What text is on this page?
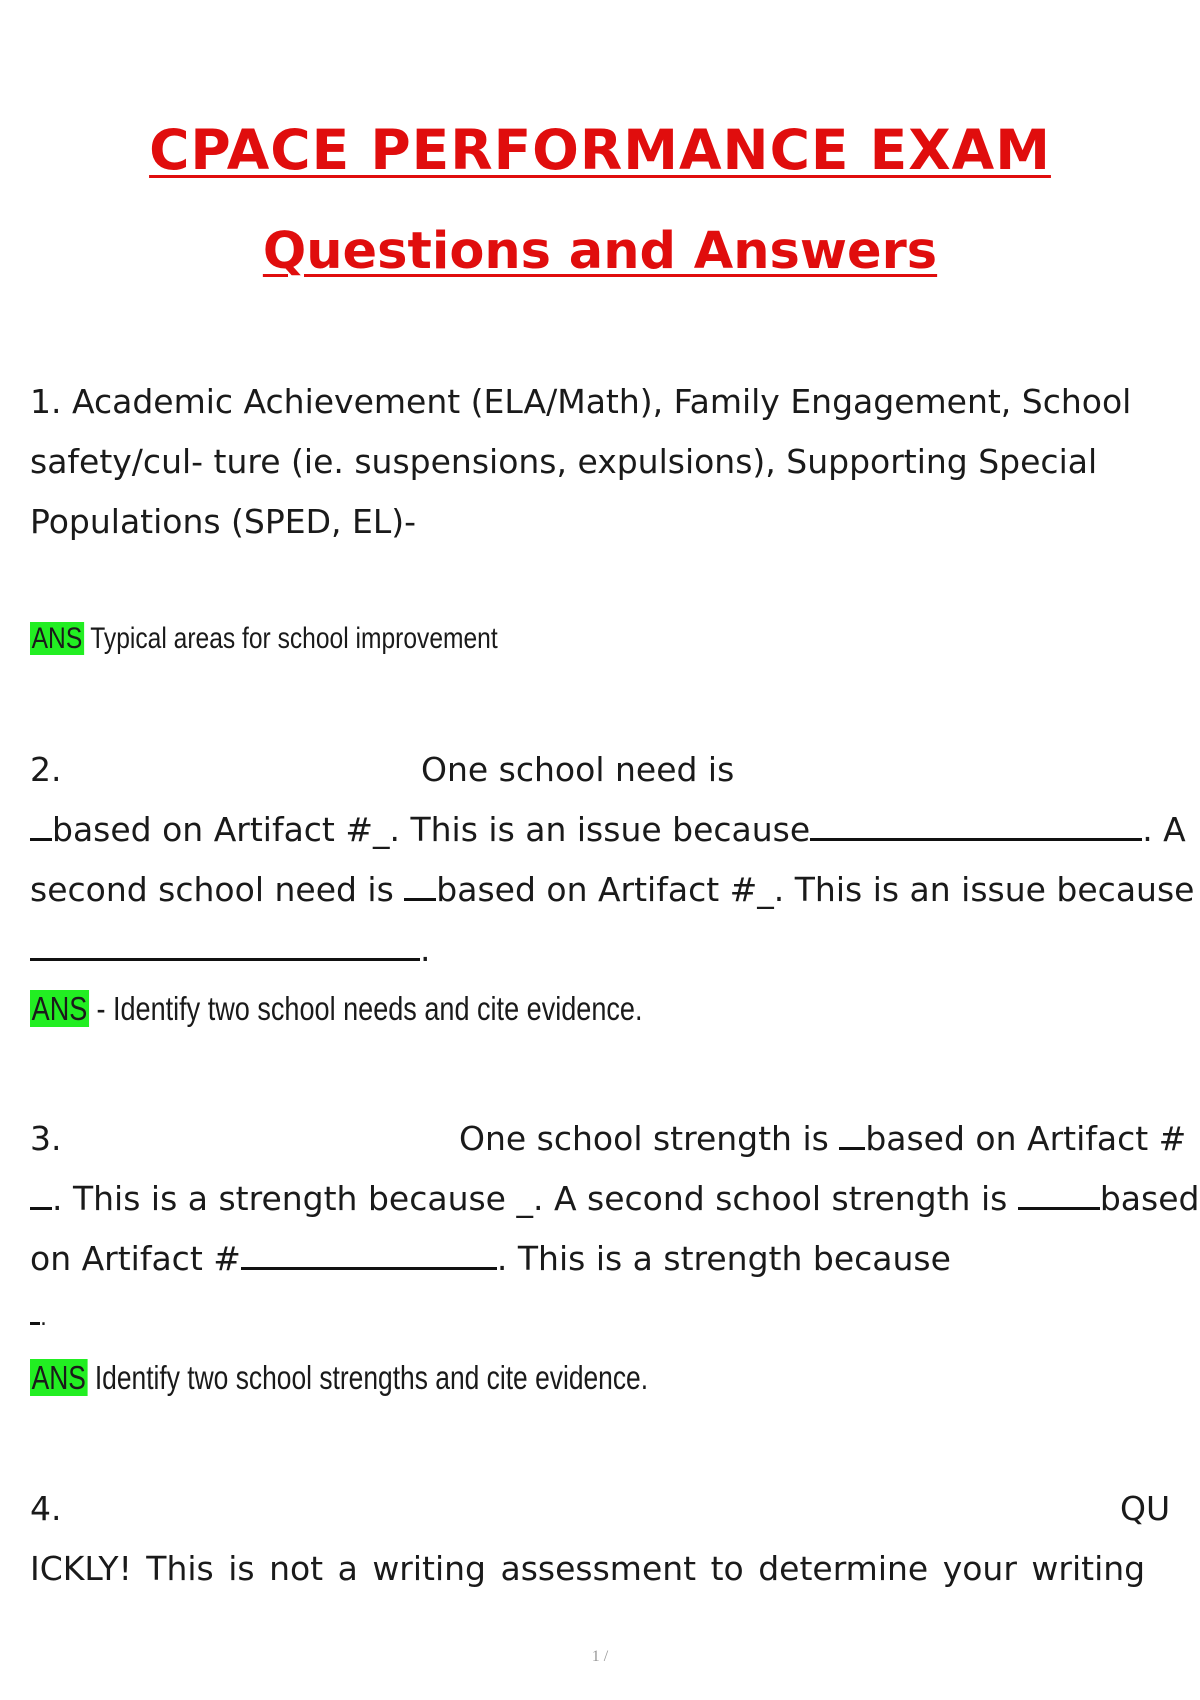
CPACE PERFORMANCE EXAM
Questions and Answers

1. Academic Achievement (ELA/Math), Family Engagement, School safety/cul- ture (ie. suspensions, expulsions), Supporting Special Populations (SPED, EL)-

ANS Typical areas for school improvement
2.	One school need is
based on Artifact #_. This is an issue because	. A
second school need is based on Artifact #_. This is an issue because
.
ANS - Identify two school needs and cite evidence.
3.	One school strength is based on Artifact #
. This is a strength because _. A second school strength is based
on Artifact #	. This is a strength because
.
ANS Identify two school strengths and cite evidence.
4.	QU
ICKLY! This is not a writing assessment to determine your writing
1 /
